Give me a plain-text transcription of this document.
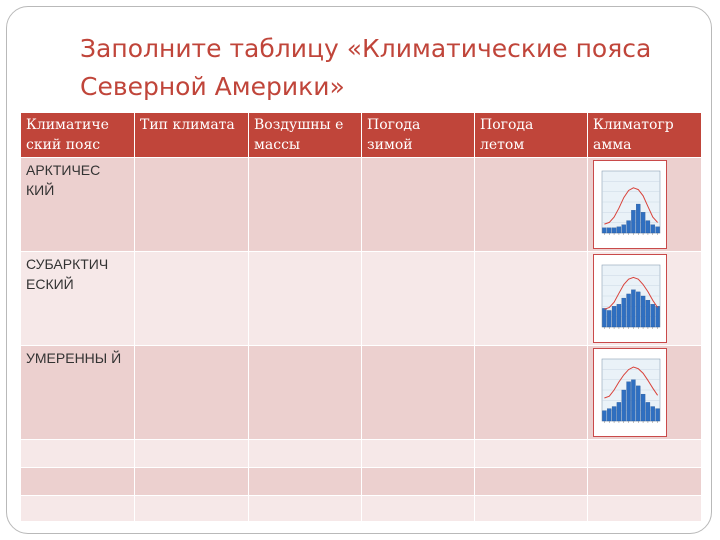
Заполните таблицу «Климатические пояса Северной Америки»
Климатиче ский пояс	Тип климата	Воздушны е массы	Погода зимой	Погода летом	Климатогр амма
АРКТИЧЕС КИЙ					
СУБАРКТИЧ ЕСКИЙ					
УМЕРЕННЫ Й					
